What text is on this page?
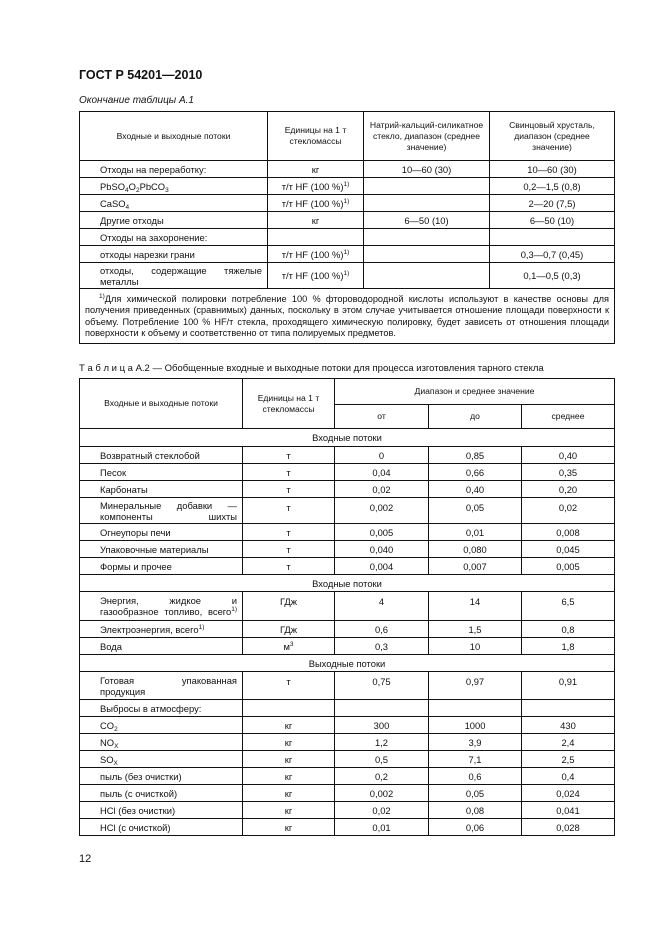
ГОСТ Р 54201—2010
Окончание таблицы А.1
Входные и выходные потоки	Единицы на 1 т стекломассы	Натрий-кальций-силикатное стекло, диапазон (среднее значение)	Свинцовый хрусталь, диапазон (среднее значение)
Отходы на переработку:	кг	10—60 (30)	10—60 (30)
$PbSO_4O_2PbCO_3$	т/т HF (100 %)$^{1)}$		0,2—1,5 (0,8)
CaSO$_4$	т/т HF (100 %)$^{1)}$		2—20 (7,5)
Другие отходы	кг	6—50 (10)	6—50 (10)
Отходы на захоронение:			
отходы нарезки грани	т/т HF (100 %)$^{1)}$		0,3—0,7 (0,45)
отходы, содержащие тяжелые металлы	т/т HF (100 %)$^{1)}$		0,1—0,5 (0,3)

$^{1)}$Для химической полировки потребление 100 % фтороводородной кислоты используют в качестве основы для получения приведенных (сравнимых) данных, поскольку в этом случае учитывается отношение площади поверхности к объему. Потребление 100 % HF/т стекла, проходящего химическую полировку, будет зависеть от отношения площади поверхности к объему и соответственно от типа полируемых предметов.			
Т а б л и ц а А.2 — Обобщенные входные и выходные потоки для процесса изготовления тарного стекла
Входные и выходные потоки	Единицы на 1 т стекломассы	Диапазон и среднее значение		
		от	до	среднее
Входные потоки				
Возвратный стеклобой	т	0	0,85	0,40
Песок	т	0,04	0,66	0,35
Карбонаты	т	0,02	0,40	0,20
Минеральные добавки — компоненты шихты	т	0,002	0,05	0,02
Огнеупоры печи	т	0,005	0,01	0,008
Упаковочные материалы	т	0,040	0,080	0,045
Формы и прочее	т	0,004	0,007	0,005
Входные потоки				
Энергия, жидкое и газообразное топливо, всего$^{1)}$	ГДж	4	14	6,5
Электроэнергия, всего$^{1)}$	ГДж	0,6	1,5	0,8
Вода	$м^3$	0,3	10	1,8
Выходные потоки				
Готовая упакованная продукция	т	0,75	0,97	0,91
Выбросы в атмосферу:				
$CO_2$	кг	300	1000	430
$NO_X$	кг	1,2	3,9	2,4
$SO_X$	кг	0,5	7,1	2,5
пыль (без очистки)	кг	0,2	0,6	0,4
пыль (с очисткой)	кг	0,002	0,05	0,024
HCl (без очистки)	кг	0,02	0,08	0,041
HCl (с очисткой)	кг	0,01	0,06	0,028
12
